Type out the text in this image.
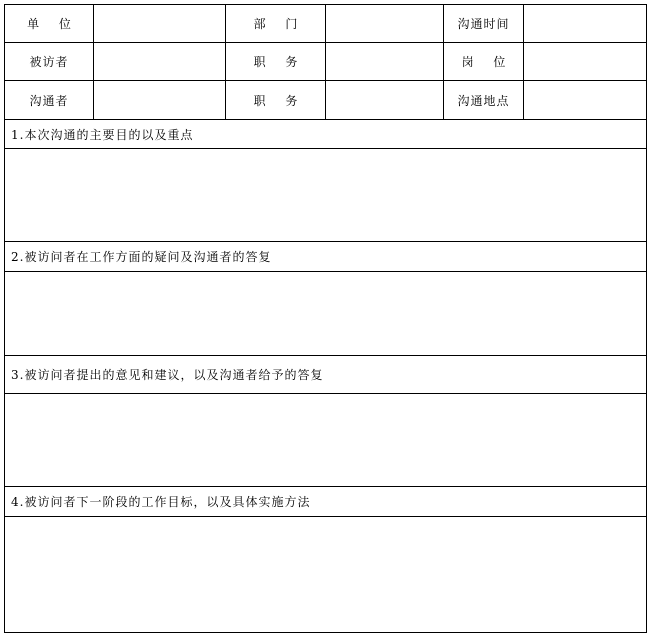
单 位	部 门	沟通时间
被访者	职 务	岗 位
沟通者	职 务	沟通地点
1.本次沟通的主要目的以及重点
2.被访问者在工作方面的疑问及沟通者的答复
3.被访问者提出的意见和建议，以及沟通者给予的答复
4.被访问者下一阶段的工作目标，以及具体实施方法
